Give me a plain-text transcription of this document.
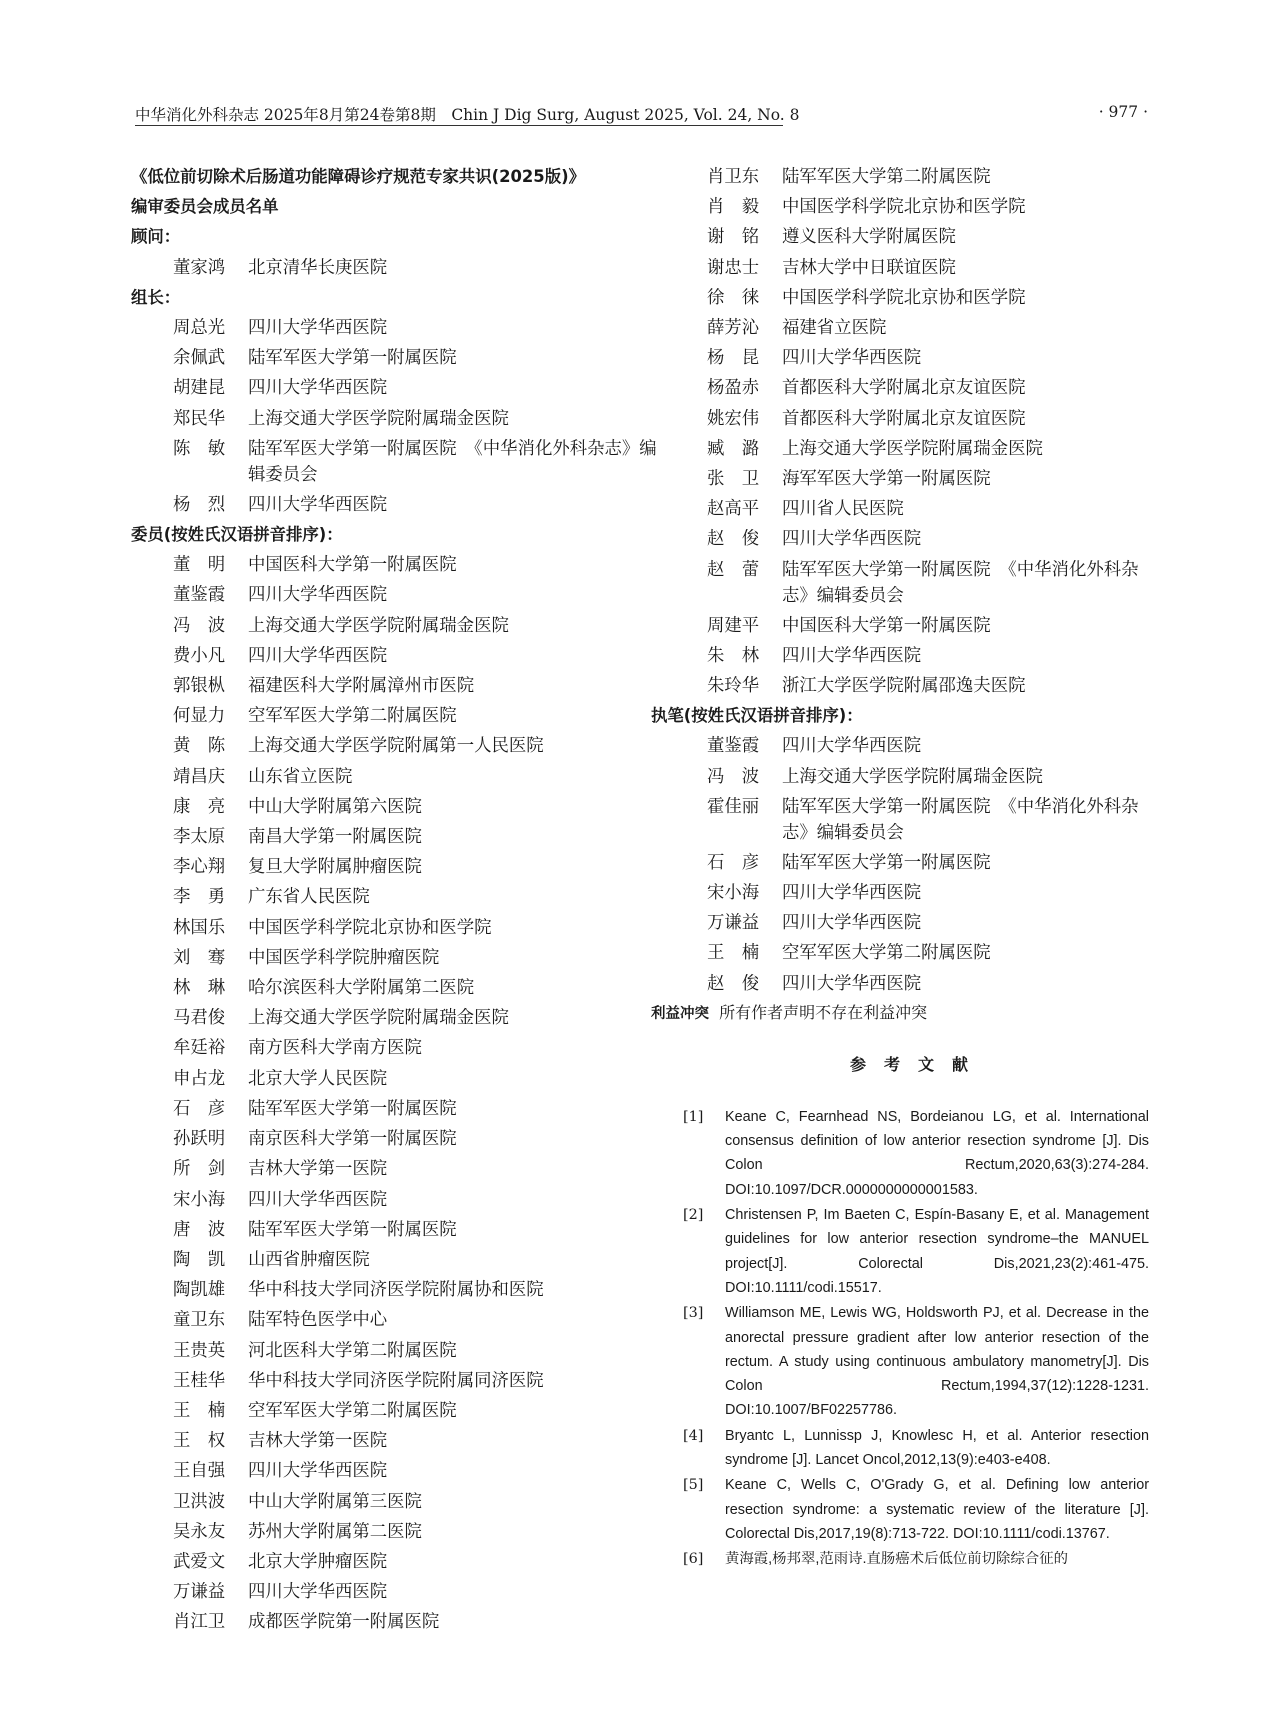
中华消化外科杂志 2025年8月第24卷第8期　Chin J Dig Surg, August 2025, Vol. 24, No. 8	· 977 ·
《低位前切除术后肠道功能障碍诊疗规范专家共识(2025版)》
编审委员会成员名单
顾问：
董家鸿	北京清华长庚医院
组长：
周总光	四川大学华西医院
余佩武	陆军军医大学第一附属医院
胡建昆	四川大学华西医院
郑民华	上海交通大学医学院附属瑞金医院
陈　敏	陆军军医大学第一附属医院　《中华消化外科杂志》编辑委员会
杨　烈	四川大学华西医院
委员(按姓氏汉语拼音排序)：
董　明	中国医科大学第一附属医院
董鉴霞	四川大学华西医院
冯　波	上海交通大学医学院附属瑞金医院
费小凡	四川大学华西医院
郭银枞	福建医科大学附属漳州市医院
何显力	空军军医大学第二附属医院
黄　陈	上海交通大学医学院附属第一人民医院
靖昌庆	山东省立医院
康　亮	中山大学附属第六医院
李太原	南昌大学第一附属医院
李心翔	复旦大学附属肿瘤医院
李　勇	广东省人民医院
林国乐	中国医学科学院北京协和医学院
刘　骞	中国医学科学院肿瘤医院
林　琳	哈尔滨医科大学附属第二医院
马君俊	上海交通大学医学院附属瑞金医院
牟廷裕	南方医科大学南方医院
申占龙	北京大学人民医院
石　彦	陆军军医大学第一附属医院
孙跃明	南京医科大学第一附属医院
所　剑	吉林大学第一医院
宋小海	四川大学华西医院
唐　波	陆军军医大学第一附属医院
陶　凯	山西省肿瘤医院
陶凯雄	华中科技大学同济医学院附属协和医院
童卫东	陆军特色医学中心
王贵英	河北医科大学第二附属医院
王桂华	华中科技大学同济医学院附属同济医院
王　楠	空军军医大学第二附属医院
王　权	吉林大学第一医院
王自强	四川大学华西医院
卫洪波	中山大学附属第三医院
吴永友	苏州大学附属第二医院
武爱文	北京大学肿瘤医院
万谦益	四川大学华西医院
肖江卫	成都医学院第一附属医院
肖卫东	陆军军医大学第二附属医院
肖　毅	中国医学科学院北京协和医学院
谢　铭	遵义医科大学附属医院
谢忠士	吉林大学中日联谊医院
徐　徕	中国医学科学院北京协和医学院
薛芳沁	福建省立医院
杨　昆	四川大学华西医院
杨盈赤	首都医科大学附属北京友谊医院
姚宏伟	首都医科大学附属北京友谊医院
臧　潞	上海交通大学医学院附属瑞金医院
张　卫	海军军医大学第一附属医院
赵高平	四川省人民医院
赵　俊	四川大学华西医院
赵　蕾	陆军军医大学第一附属医院　《中华消化外科杂志》编辑委员会
周建平	中国医科大学第一附属医院
朱　林	四川大学华西医院
朱玲华	浙江大学医学院附属邵逸夫医院
执笔(按姓氏汉语拼音排序)：
董鉴霞	四川大学华西医院
冯　波	上海交通大学医学院附属瑞金医院
霍佳丽	陆军军医大学第一附属医院　《中华消化外科杂志》编辑委员会
石　彦	陆军军医大学第一附属医院
宋小海	四川大学华西医院
万谦益	四川大学华西医院
王　楠	空军军医大学第二附属医院
赵　俊	四川大学华西医院
利益冲突 所有作者声明不存在利益冲突
参考文献
[1]	Keane C, Fearnhead NS, Bordeianou LG, et al. International consensus definition of low anterior resection syndrome [J]. Dis Colon Rectum,2020,63(3):274-284. DOI:10.1097/DCR.0000000000001583.
[2]	Christensen P, Im Baeten C, Espín-Basany E, et al. Management guidelines for low anterior resection syndrome–the MANUEL project[J]. Colorectal Dis,2021,23(2):461-475. DOI:10.1111/codi.15517.
[3]	Williamson ME, Lewis WG, Holdsworth PJ, et al. Decrease in the anorectal pressure gradient after low anterior resection of the rectum. A study using continuous ambulatory manometry[J]. Dis Colon Rectum,1994,37(12):1228-1231. DOI:10.1007/BF02257786.
[4]	Bryantc L, Lunnissp J, Knowlesc H, et al. Anterior resection syndrome [J]. Lancet Oncol,2012,13(9):e403-e408.
[5]	Keane C, Wells C, O'Grady G, et al. Defining low anterior resection syndrome: a systematic review of the literature [J]. Colorectal Dis,2017,19(8):713-722. DOI:10.1111/codi.13767.
[6]	黄海霞,杨邦翠,范雨诗.直肠癌术后低位前切除综合征的
